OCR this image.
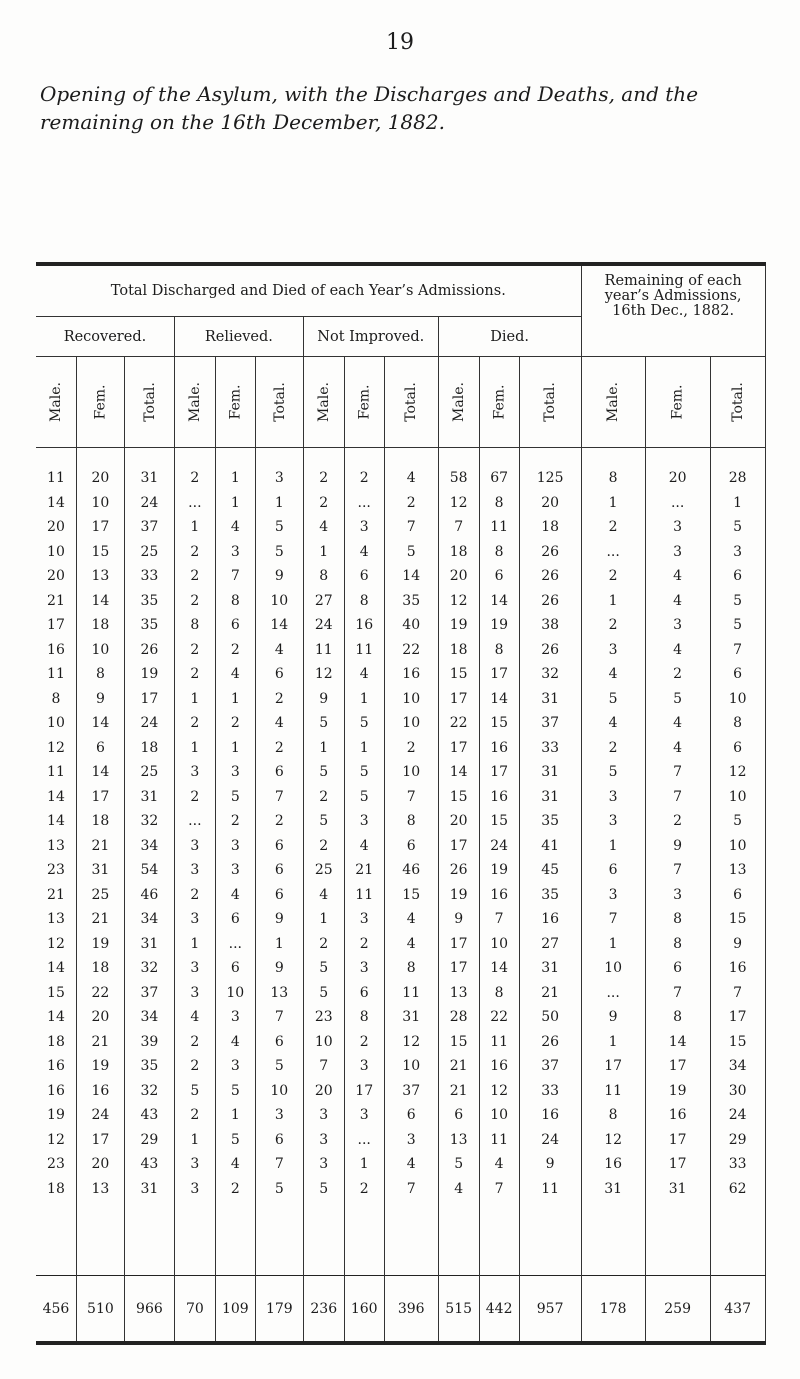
19
Opening of the Asylum, with the Discharges and Deaths, and the
remaining on the 16th December, 1882.
Total Discharged and Died of each Year’s Admissions.												Remaining of each
year’s Admissions,
16th Dec., 1882.		

Recovered.			Relieved.			Not Improved.			Died.					
Male.	Fem.	Total.	Male.	Fem.	Total.	Male.	Fem.	Total.	Male.	Fem.	Total.	Male.	Fem.	Total.

11	20	31	2	1	3	2	2	4	58	67	125	8	20	28
14	10	24	...	1	1	2	...	2	12	8	20	1	...	1
20	17	37	1	4	5	4	3	7	7	11	18	2	3	5
10	15	25	2	3	5	1	4	5	18	8	26	...	3	3
20	13	33	2	7	9	8	6	14	20	6	26	2	4	6
21	14	35	2	8	10	27	8	35	12	14	26	1	4	5
17	18	35	8	6	14	24	16	40	19	19	38	2	3	5
16	10	26	2	2	4	11	11	22	18	8	26	3	4	7
11	8	19	2	4	6	12	4	16	15	17	32	4	2	6
8	9	17	1	1	2	9	1	10	17	14	31	5	5	10
10	14	24	2	2	4	5	5	10	22	15	37	4	4	8
12	6	18	1	1	2	1	1	2	17	16	33	2	4	6
11	14	25	3	3	6	5	5	10	14	17	31	5	7	12
14	17	31	2	5	7	2	5	7	15	16	31	3	7	10
14	18	32	...	2	2	5	3	8	20	15	35	3	2	5
13	21	34	3	3	6	2	4	6	17	24	41	1	9	10
23	31	54	3	3	6	25	21	46	26	19	45	6	7	13
21	25	46	2	4	6	4	11	15	19	16	35	3	3	6
13	21	34	3	6	9	1	3	4	9	7	16	7	8	15
12	19	31	1	...	1	2	2	4	17	10	27	1	8	9
14	18	32	3	6	9	5	3	8	17	14	31	10	6	16
15	22	37	3	10	13	5	6	11	13	8	21	...	7	7
14	20	34	4	3	7	23	8	31	28	22	50	9	8	17
18	21	39	2	4	6	10	2	12	15	11	26	1	14	15
16	19	35	2	3	5	7	3	10	21	16	37	17	17	34
16	16	32	5	5	10	20	17	37	21	12	33	11	19	30
19	24	43	2	1	3	3	3	6	6	10	16	8	16	24
12	17	29	1	5	6	3	...	3	13	11	24	12	17	29
23	20	43	3	4	7	3	1	4	5	4	9	16	17	33
18	13	31	3	2	5	5	2	7	4	7	11	31	31	62

456	510	966	70	109	179	236	160	396	515	442	957	178	259	437
